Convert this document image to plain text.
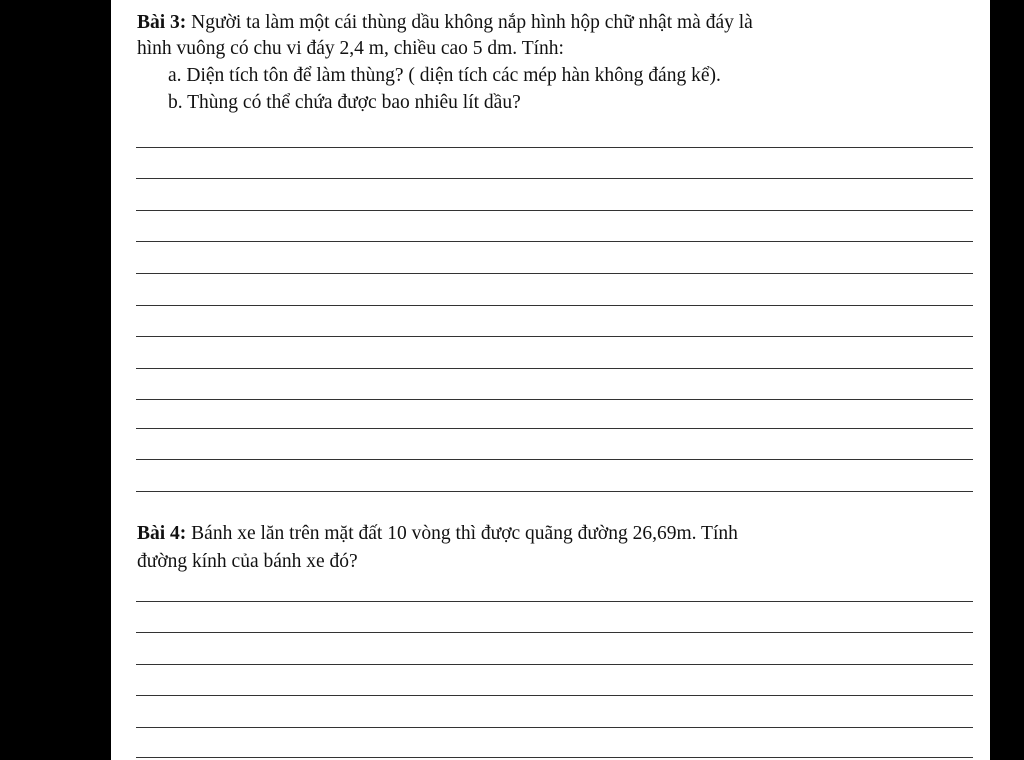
Bài 3: Người ta làm một cái thùng dầu không nắp hình hộp chữ nhật mà đáy là
hình vuông có chu vi đáy 2,4 m, chiều cao 5 dm. Tính:
a. Diện tích tôn để làm thùng? ( diện tích các mép hàn không đáng kể).
b. Thùng có thể chứa được bao nhiêu lít dầu?
Bài 4: Bánh xe lăn trên mặt đất 10 vòng thì được quãng đường 26,69m. Tính
đường kính của bánh xe đó?
